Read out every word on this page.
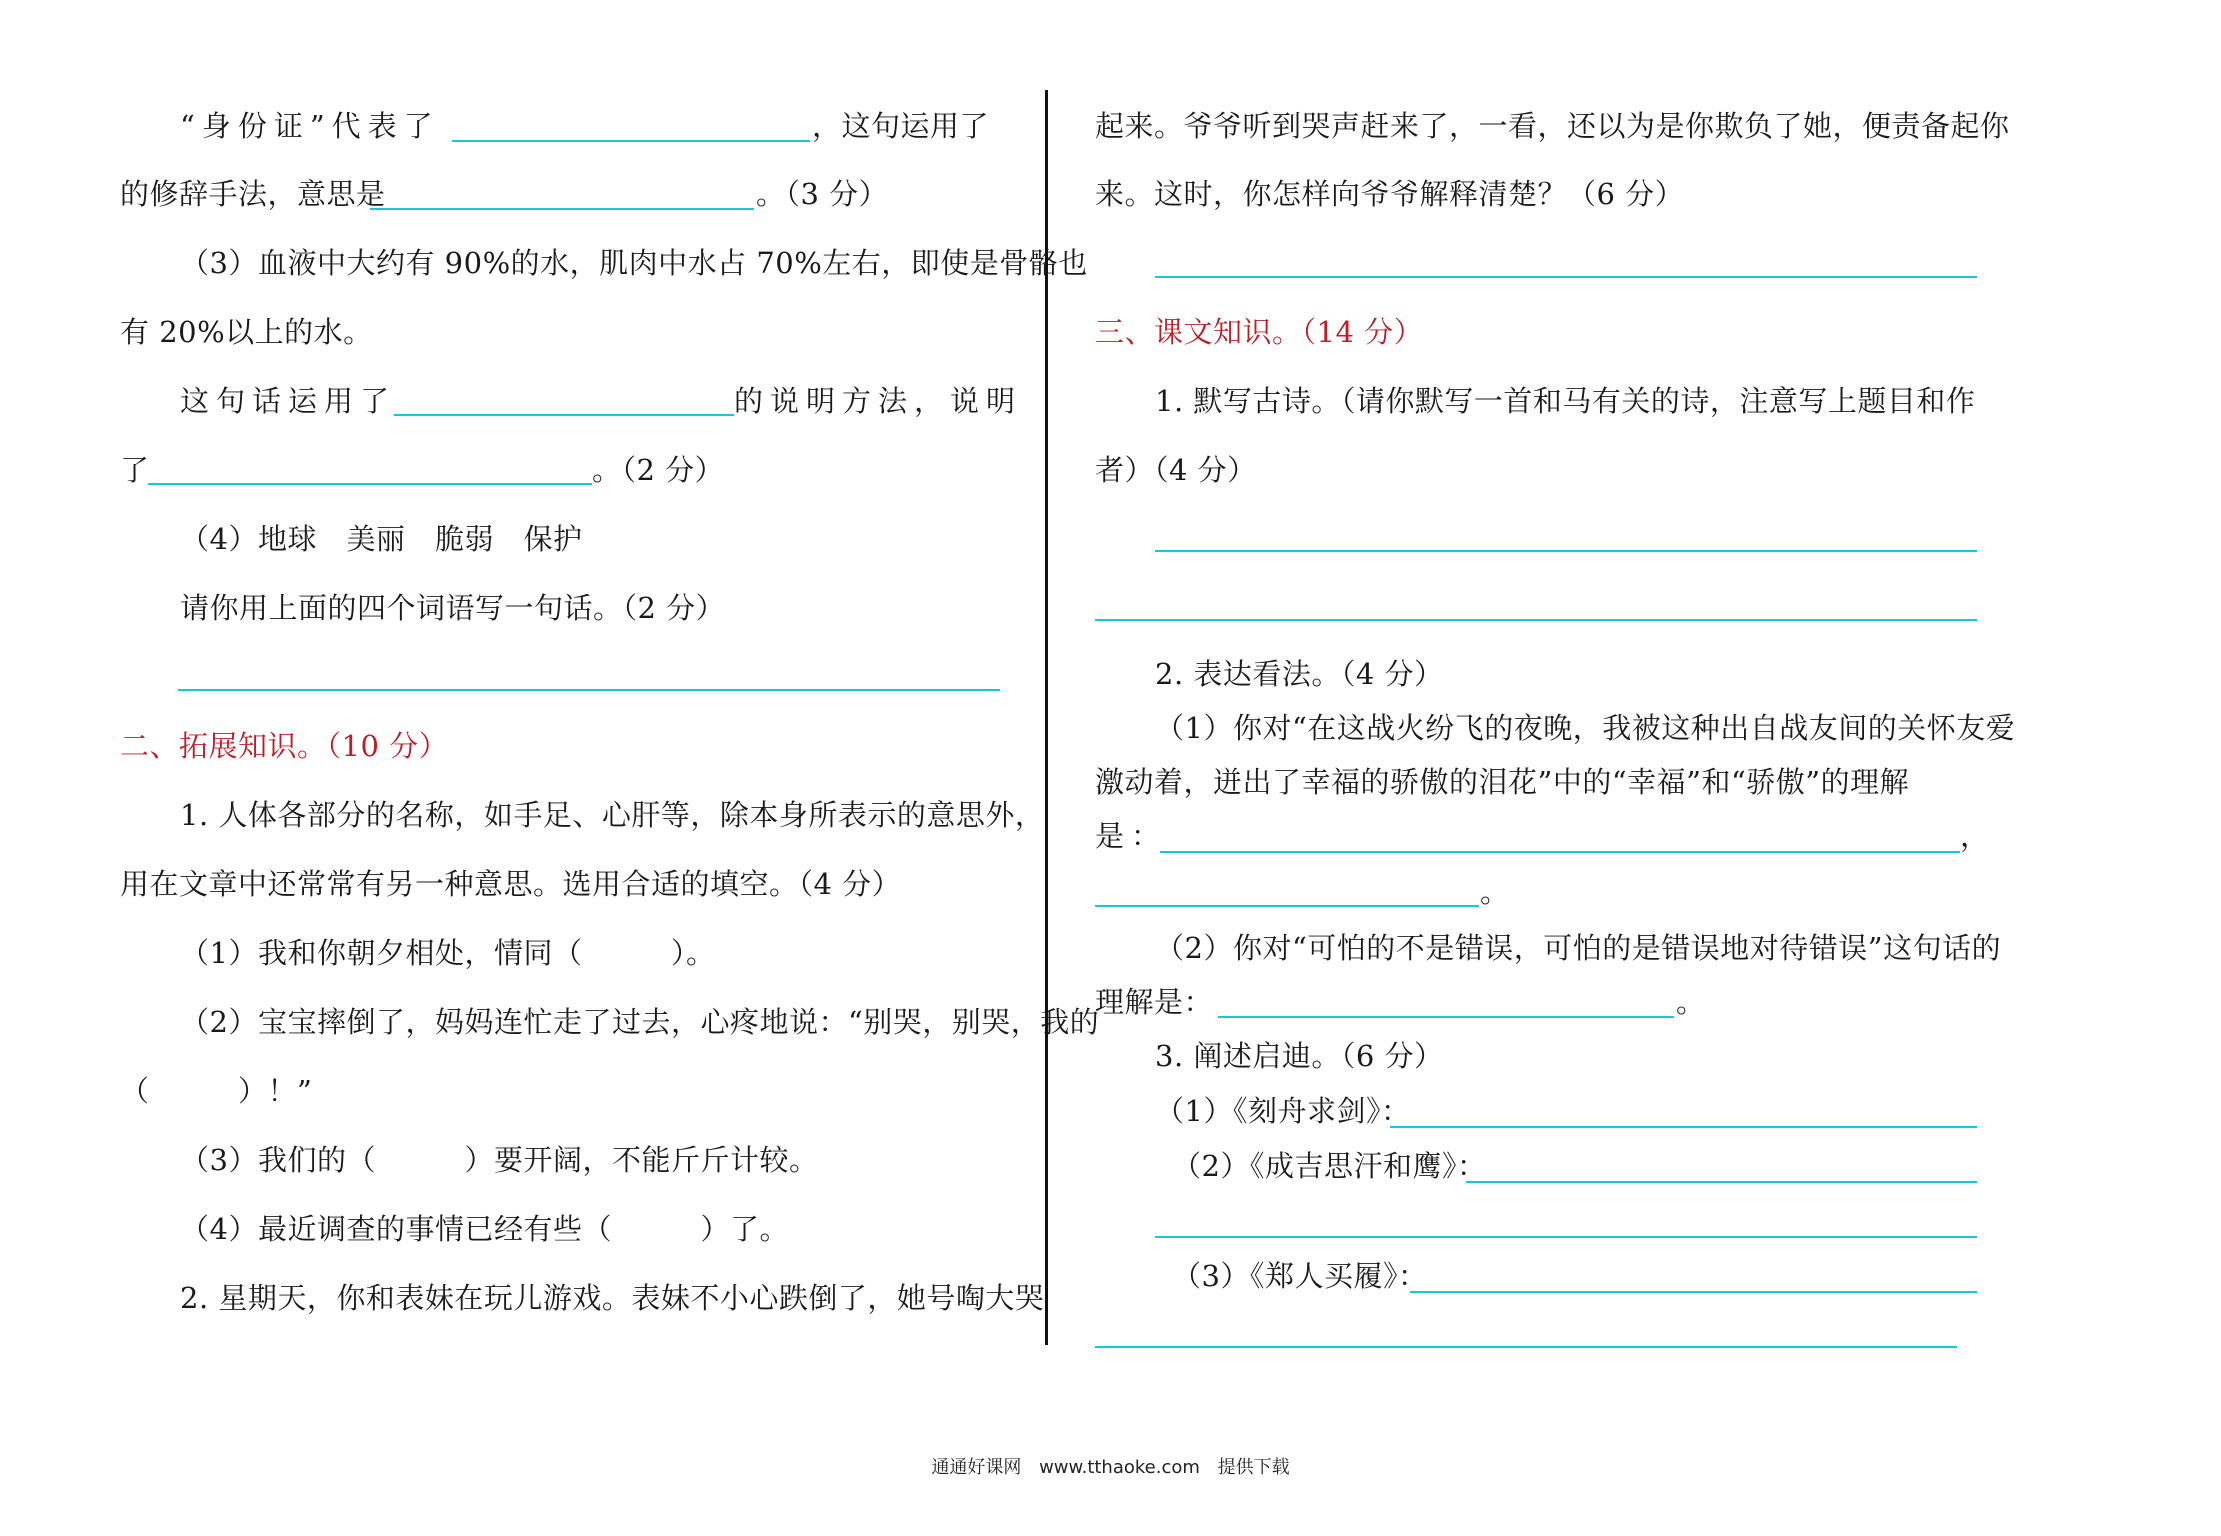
“身份证”代表了	，这句运用了
的修辞手法，意思是	。（3 分）
（3）血液中大约有 90%的水，肌肉中水占 70%左右，即使是骨骼也
有 20%以上的水。
这句话运用了	的说明方法，说明
了	。（2 分）
（4）地球　美丽　脆弱　保护
请你用上面的四个词语写一句话。（2 分）
二、拓展知识。（10 分）
1. 人体各部分的名称，如手足、心肝等，除本身所表示的意思外，
用在文章中还常常有另一种意思。选用合适的填空。（4 分）
（1）我和你朝夕相处，情同（　　　）。
（2）宝宝摔倒了，妈妈连忙走了过去，心疼地说：“别哭，别哭，我的
（　　　）！”
（3）我们的（　　　）要开阔，不能斤斤计较。
（4）最近调查的事情已经有些（　　　）了。
2. 星期天，你和表妹在玩儿游戏。表妹不小心跌倒了，她号啕大哭
起来。爷爷听到哭声赶来了，一看，还以为是你欺负了她，便责备起你
来。这时，你怎样向爷爷解释清楚？（6 分）
三、课文知识。（14 分）
1. 默写古诗。（请你默写一首和马有关的诗，注意写上题目和作
者）（4 分）
2. 表达看法。（4 分）
（1）你对“在这战火纷飞的夜晚，我被这种出自战友间的关怀友爱
激动着，迸出了幸福的骄傲的泪花”中的“幸福”和“骄傲”的理解
是：	，
。
（2）你对“可怕的不是错误，可怕的是错误地对待错误”这句话的
理解是：	。
3. 阐述启迪。（6 分）
（1）《刻舟求剑》：
（2）《成吉思汗和鹰》：
（3）《郑人买履》：
通通好课网 www.tthaoke.com 提供下载
